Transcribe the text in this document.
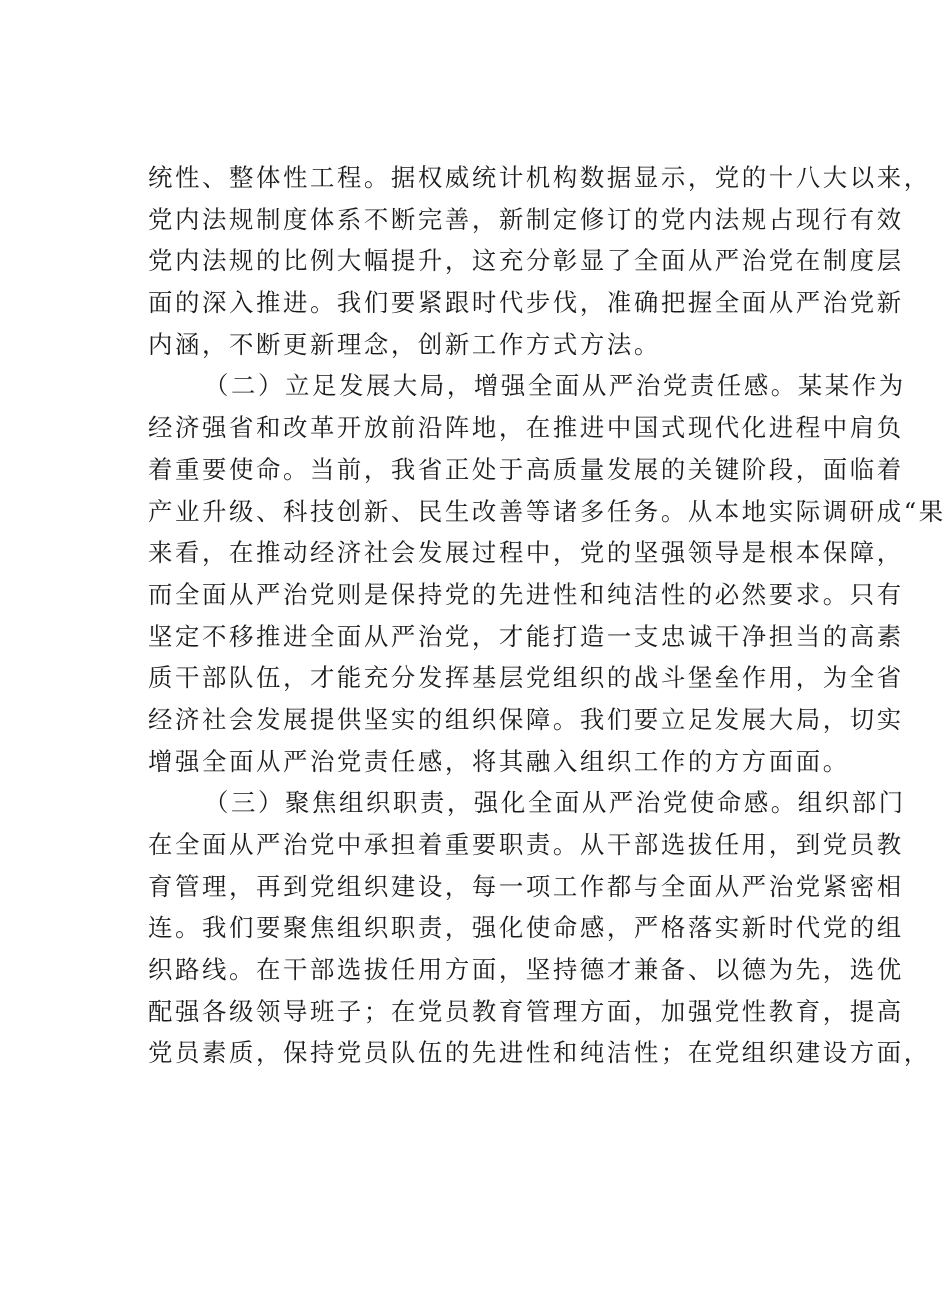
统性、整体性工程。据权威统计机构数据显示，党的十八大以来，
党内法规制度体系不断完善，新制定修订的党内法规占现行有效
党内法规的比例大幅提升，这充分彰显了全面从严治党在制度层
面的深入推进。我们要紧跟时代步伐，准确把握全面从严治党新
内涵，不断更新理念，创新工作方式方法。
（二）立足发展大局，增强全面从严治党责任感。某某作为
经济强省和改革开放前沿阵地，在推进中国式现代化进程中肩负
着重要使命。当前，我省正处于高质量发展的关键阶段，面临着
产业升级、科技创新、民生改善等诸多任务。从本地实际调研成“果
来看，在推动经济社会发展过程中，党的坚强领导是根本保障，
而全面从严治党则是保持党的先进性和纯洁性的必然要求。只有
坚定不移推进全面从严治党，才能打造一支忠诚干净担当的高素
质干部队伍，才能充分发挥基层党组织的战斗堡垒作用，为全省
经济社会发展提供坚实的组织保障。我们要立足发展大局，切实
增强全面从严治党责任感，将其融入组织工作的方方面面。
（三）聚焦组织职责，强化全面从严治党使命感。组织部门
在全面从严治党中承担着重要职责。从干部选拔任用，到党员教
育管理，再到党组织建设，每一项工作都与全面从严治党紧密相
连。我们要聚焦组织职责，强化使命感，严格落实新时代党的组
织路线。在干部选拔任用方面，坚持德才兼备、以德为先，选优
配强各级领导班子；在党员教育管理方面，加强党性教育，提高
党员素质，保持党员队伍的先进性和纯洁性；在党组织建设方面，
